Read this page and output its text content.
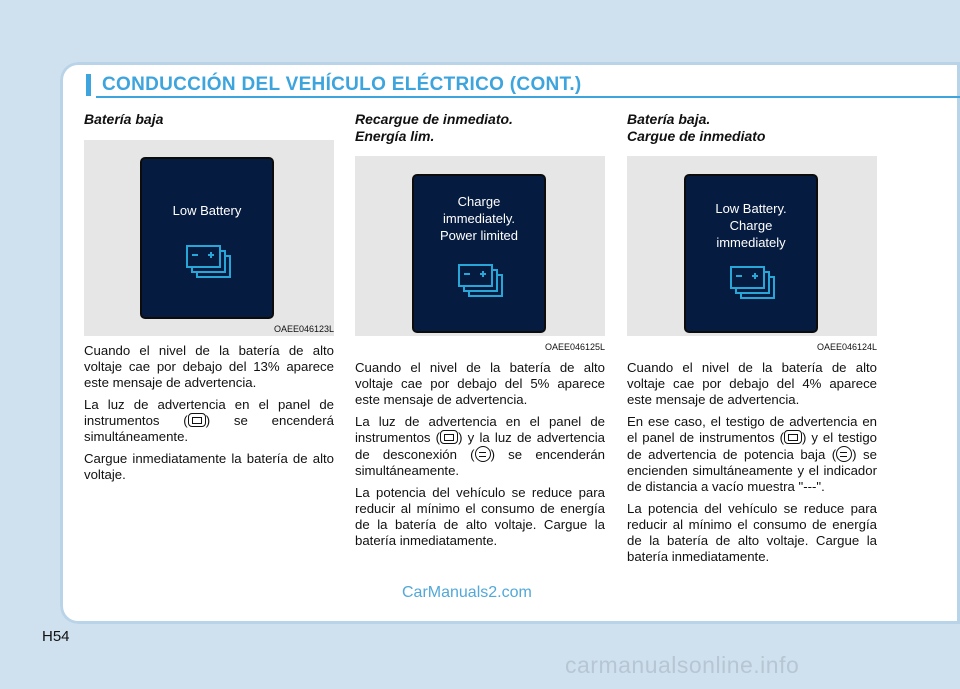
CONDUCCIÓN DEL VEHÍCULO ELÉCTRICO (CONT.)
Batería baja
Low Battery
OAEE046123L

Cuando el nivel de la batería de alto voltaje cae por debajo del 13% aparece este mensaje de advertencia.

La luz de advertencia en el panel de instrumentos ( ) se encenderá simultáneamente.

Cargue inmediatamente la batería de alto voltaje.

Recargue de inmediato.
Energía lim.
Charge
immediately.
Power limited
OAEE046125L

Cuando el nivel de la batería de alto voltaje cae por debajo del 5% aparece este mensaje de advertencia.

La luz de advertencia en el panel de instrumentos ( ) y la luz de advertencia de desconexión ( ) se encenderán simultáneamente.

La potencia del vehículo se reduce para reducir al mínimo el consumo de energía de la batería de alto voltaje. Cargue la batería inmediatamente.

Batería baja.
Cargue de inmediato
Low Battery.
Charge
immediately
OAEE046124L

Cuando el nivel de la batería de alto voltaje cae por debajo del 4% aparece este mensaje de advertencia.

En ese caso, el testigo de advertencia en el panel de instrumentos ( ) y el testigo de advertencia de potencia baja ( ) se encienden simultáneamente y el indicador de distancia a vacío muestra "---".

La potencia del vehículo se reduce para reducir al mínimo el consumo de energía de la batería de alto voltaje. Cargue la batería inmediatamente.

CarManuals2.com
H54
carmanualsonline.info
